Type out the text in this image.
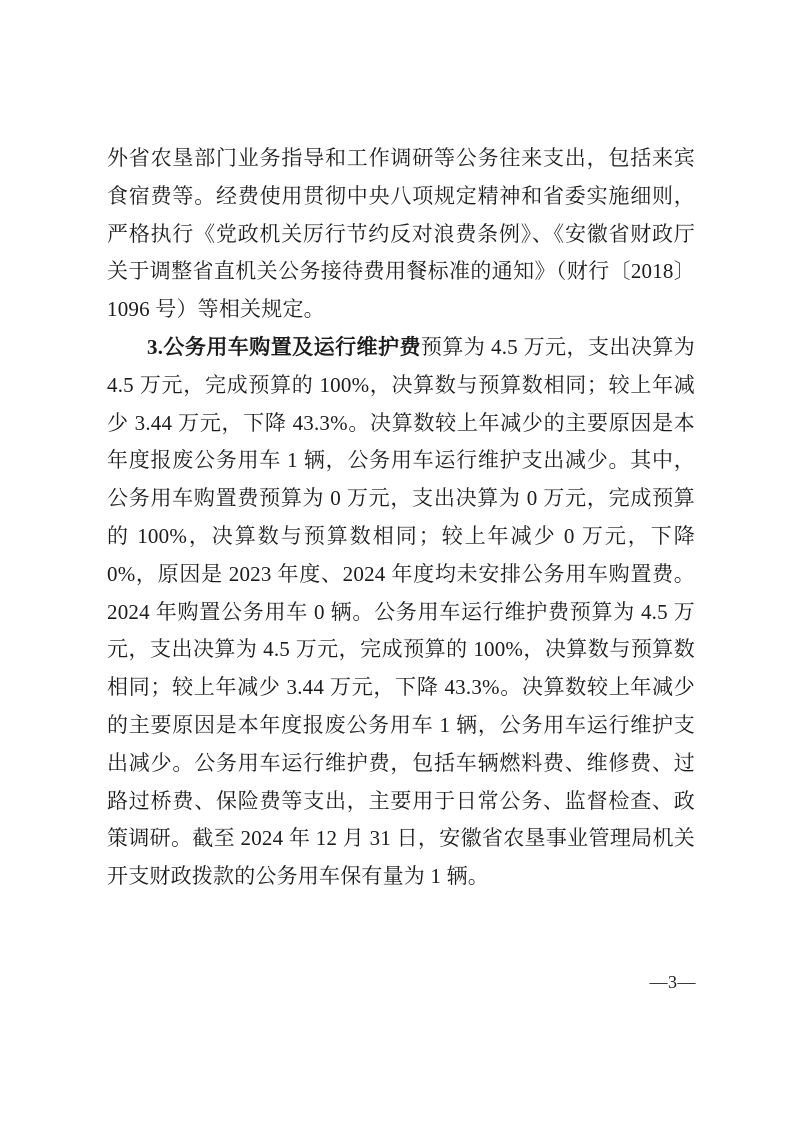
外省农垦部门业务指导和工作调研等公务往来支出，包括来宾食宿费等。经费使用贯彻中央八项规定精神和省委实施细则，严格执行《党政机关厉行节约反对浪费条例》、《安徽省财政厅关于调整省直机关公务接待费用餐标准的通知》（财行〔2018〕1096 号）等相关规定。

3.公务用车购置及运行维护费预算为 4.5 万元，支出决算为 4.5 万元，完成预算的 100%，决算数与预算数相同；较上年减少 3.44 万元，下降 43.3%。决算数较上年减少的主要原因是本年度报废公务用车 1 辆，公务用车运行维护支出减少。其中，公务用车购置费预算为 0 万元，支出决算为 0 万元，完成预算的 100%，决算数与预算数相同；较上年减少 0 万元，下降 0%，原因是 2023 年度、2024 年度均未安排公务用车购置费。2024 年购置公务用车 0 辆。公务用车运行维护费预算为 4.5 万元，支出决算为 4.5 万元，完成预算的 100%，决算数与预算数相同；较上年减少 3.44 万元，下降 43.3%。决算数较上年减少的主要原因是本年度报废公务用车 1 辆，公务用车运行维护支出减少。公务用车运行维护费，包括车辆燃料费、维修费、过路过桥费、保险费等支出，主要用于日常公务、监督检查、政策调研。截至 2024 年 12 月 31 日，安徽省农垦事业管理局机关开支财政拨款的公务用车保有量为 1 辆。

—3—
